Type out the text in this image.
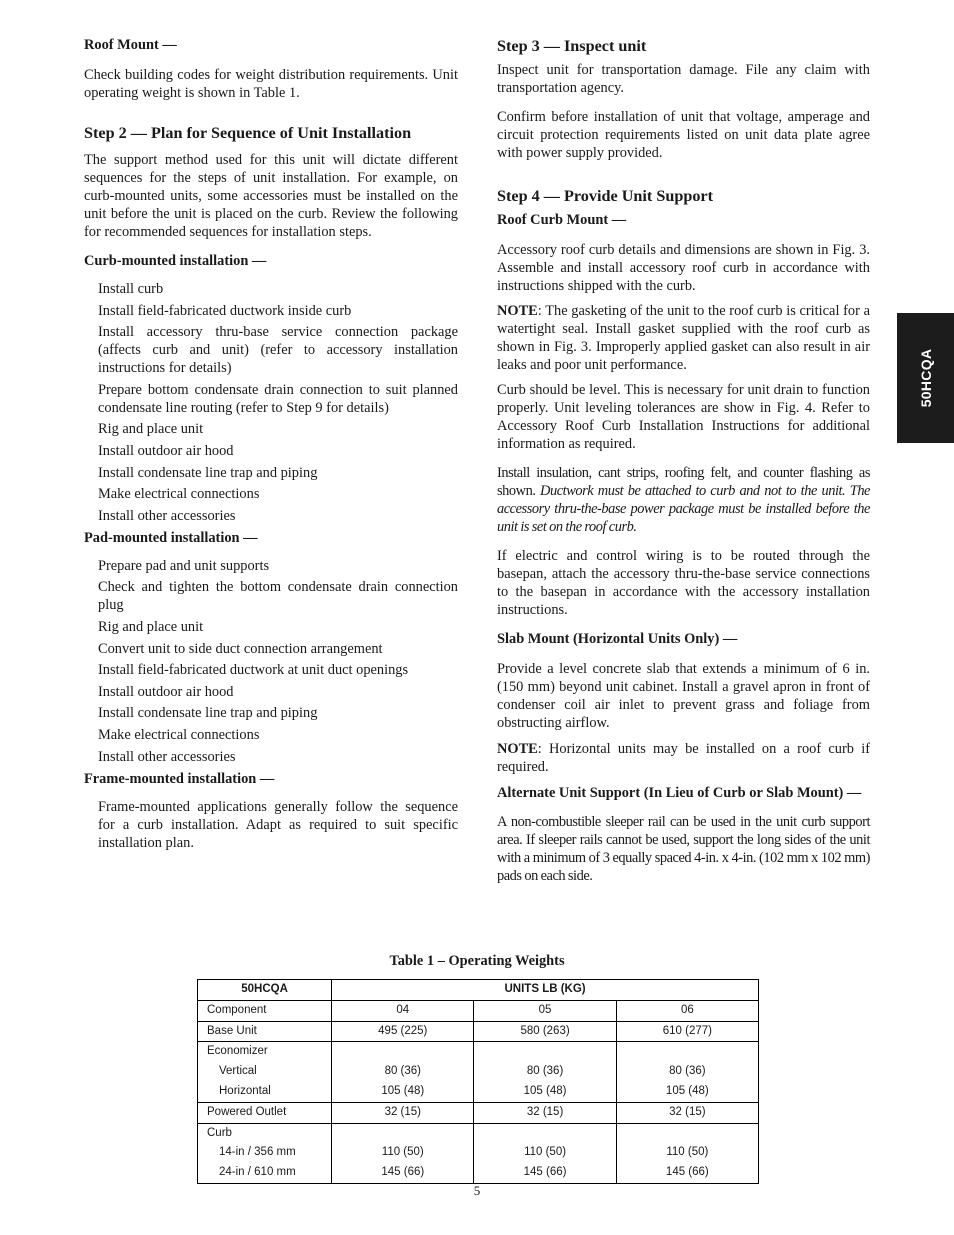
Roof Mount —

Check building codes for weight distribution requirements. Unit operating weight is shown in Table 1.

Step 2 — Plan for Sequence of Unit Installation

The support method used for this unit will dictate different sequences for the steps of unit installation. For example, on curb-mounted units, some accessories must be installed on the unit before the unit is placed on the curb. Review the following for recommended sequences for installation steps.

Curb-mounted installation —

Install curb
Install field-fabricated ductwork inside curb
Install accessory thru-base service connection package (affects curb and unit) (refer to accessory installation instructions for details)
Prepare bottom condensate drain connection to suit planned condensate line routing (refer to Step 9 for details)
Rig and place unit
Install outdoor air hood
Install condensate line trap and piping
Make electrical connections
Install other accessories

Pad-mounted installation —

Prepare pad and unit supports
Check and tighten the bottom condensate drain connection plug
Rig and place unit
Convert unit to side duct connection arrangement
Install field-fabricated ductwork at unit duct openings
Install outdoor air hood
Install condensate line trap and piping
Make electrical connections
Install other accessories

Frame-mounted installation —

Frame-mounted applications generally follow the sequence for a curb installation. Adapt as required to suit specific installation plan.

Step 3 — Inspect unit

Inspect unit for transportation damage. File any claim with transportation agency.

Confirm before installation of unit that voltage, amperage and circuit protection requirements listed on unit data plate agree with power supply provided.

Step 4 — Provide Unit Support

Roof Curb Mount —

Accessory roof curb details and dimensions are shown in Fig. 3. Assemble and install accessory roof curb in accordance with instructions shipped with the curb.

NOTE: The gasketing of the unit to the roof curb is critical for a watertight seal. Install gasket supplied with the roof curb as shown in Fig. 3. Improperly applied gasket can also result in air leaks and poor unit performance.

Curb should be level. This is necessary for unit drain to function properly. Unit leveling tolerances are show in Fig. 4. Refer to Accessory Roof Curb Installation Instructions for additional information as required.

Install insulation, cant strips, roofing felt, and counter flashing as shown. Ductwork must be attached to curb and not to the unit. The accessory thru-the-base power package must be installed before the unit is set on the roof curb.

If electric and control wiring is to be routed through the basepan, attach the accessory thru-the-base service connections to the basepan in accordance with the accessory installation instructions.

Slab Mount (Horizontal Units Only) —

Provide a level concrete slab that extends a minimum of 6 in. (150 mm) beyond unit cabinet. Install a gravel apron in front of condenser coil air inlet to prevent grass and foliage from obstructing airflow.

NOTE: Horizontal units may be installed on a roof curb if required.

Alternate Unit Support (In Lieu of Curb or Slab Mount) —

A non-combustible sleeper rail can be used in the unit curb support area. If sleeper rails cannot be used, support the long sides of the unit with a minimum of 3 equally spaced 4-in. x 4-in. (102 mm x 102 mm) pads on each side.

50HCQA

Table 1 – Operating Weights

50HCQA	UNITS LB (KG)		
Component	04	05	06
Base Unit	495 (225)	580 (263)	610 (277)
Economizer			
Vertical	80 (36)	80 (36)	80 (36)
Horizontal	105 (48)	105 (48)	105 (48)
Powered Outlet	32 (15)	32 (15)	32 (15)
Curb			
14-in / 356 mm	110 (50)	110 (50)	110 (50)
24-in / 610 mm	145 (66)	145 (66)	145 (66)

5
